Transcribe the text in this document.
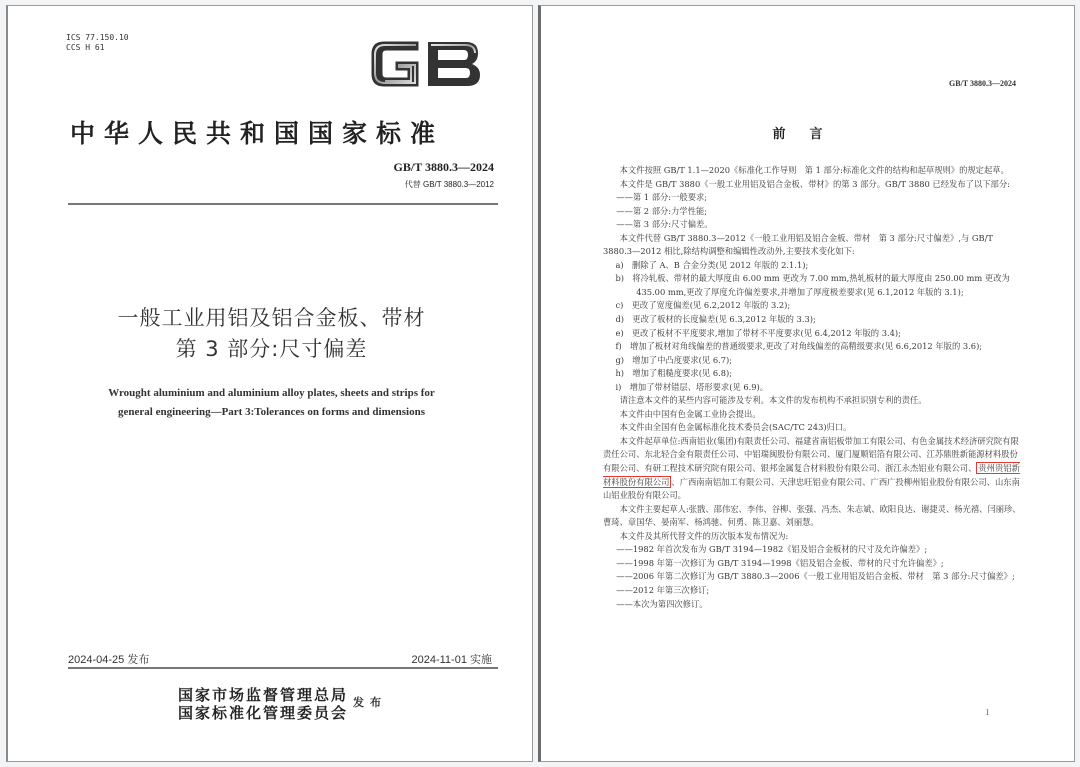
ICS 77.150.10
CCS H 61
中华人民共和国国家标准
GB/T 3880.3—2024
代替 GB/T 3880.3—2012
一般工业用铝及铝合金板、带材
第 3 部分:尺寸偏差
Wrought aluminium and aluminium alloy plates, sheets and strips for
general engineering—Part 3:Tolerances on forms and dimensions
2024-04-25 发布	2024-11-01 实施
国家市场监督管理总局
国家标准化管理委员会
发布
GB/T 3880.3—2024
前言

本文件按照 GB/T 1.1—2020《标准化工作导则　第 1 部分:标准化文件的结构和起草规则》的规定起草。

本文件是 GB/T 3880《一般工业用铝及铝合金板、带材》的第 3 部分。GB/T 3880 已经发布了以下部分:

——第 1 部分:一般要求;

——第 2 部分:力学性能;

——第 3 部分:尺寸偏差。

本文件代替 GB/T 3880.3—2012《一般工业用铝及铝合金板、带材　第 3 部分:尺寸偏差》,与 GB/T 3880.3—2012 相比,除结构调整和编辑性改动外,主要技术变化如下:

a)　删除了 A、B 合金分类(见 2012 年版的 2.1.1);

b)　将冷轧板、带材的最大厚度由 6.00 mm 更改为 7.00 mm,热轧板材的最大厚度由 250.00 mm 更改为 435.00 mm,更改了厚度允许偏差要求,并增加了厚度极差要求(见 6.1,2012 年版的 3.1);

c)　更改了宽度偏差(见 6.2,2012 年版的 3.2);

d)　更改了板材的长度偏差(见 6.3,2012 年版的 3.3);

e)　更改了板材不平度要求,增加了带材不平度要求(见 6.4,2012 年版的 3.4);

f)　增加了板材对角线偏差的普通级要求,更改了对角线偏差的高精级要求(见 6.6,2012 年版的 3.6);

g)　增加了中凸度要求(见 6.7);

h)　增加了粗糙度要求(见 6.8);

i)　增加了带材错层、塔形要求(见 6.9)。

请注意本文件的某些内容可能涉及专利。本文件的发布机构不承担识别专利的责任。

本文件由中国有色金属工业协会提出。

本文件由全国有色金属标准化技术委员会(SAC/TC 243)归口。

本文件起草单位:西南铝业(集团)有限责任公司、福建省南铝板带加工有限公司、有色金属技术经济研究院有限责任公司、东北轻合金有限责任公司、中铝瑞闽股份有限公司、厦门厦顺铝箔有限公司、江苏鼎胜新能源材料股份有限公司、有研工程技术研究院有限公司、银邦金属复合材料股份有限公司、浙江永杰铝业有限公司、 贵州贵铝新材料股份有限公司 、广西南南铝加工有限公司、天津忠旺铝业有限公司、广西广投柳州铝业股份有限公司、山东南山铝业股份有限公司。

本文件主要起草人:张戬、邵伟宏、李伟、谷柳、张强、冯杰、朱志斌、欧阳良达、谢捷灵、杨光禧、闫丽珍、曹琦、章国华、晏南军、杨鸿驰、何勇、陈卫嘉、刘丽慧。

本文件及其所代替文件的历次版本发布情况为:

——1982 年首次发布为 GB/T 3194—1982《铝及铝合金板材的尺寸及允许偏差》;

——1998 年第一次修订为 GB/T 3194—1998《铝及铝合金板、带材的尺寸允许偏差》;

——2006 年第二次修订为 GB/T 3880.3—2006《一般工业用铝及铝合金板、带材　第 3 部分:尺寸偏差》;

——2012 年第三次修订;

——本次为第四次修订。

I
